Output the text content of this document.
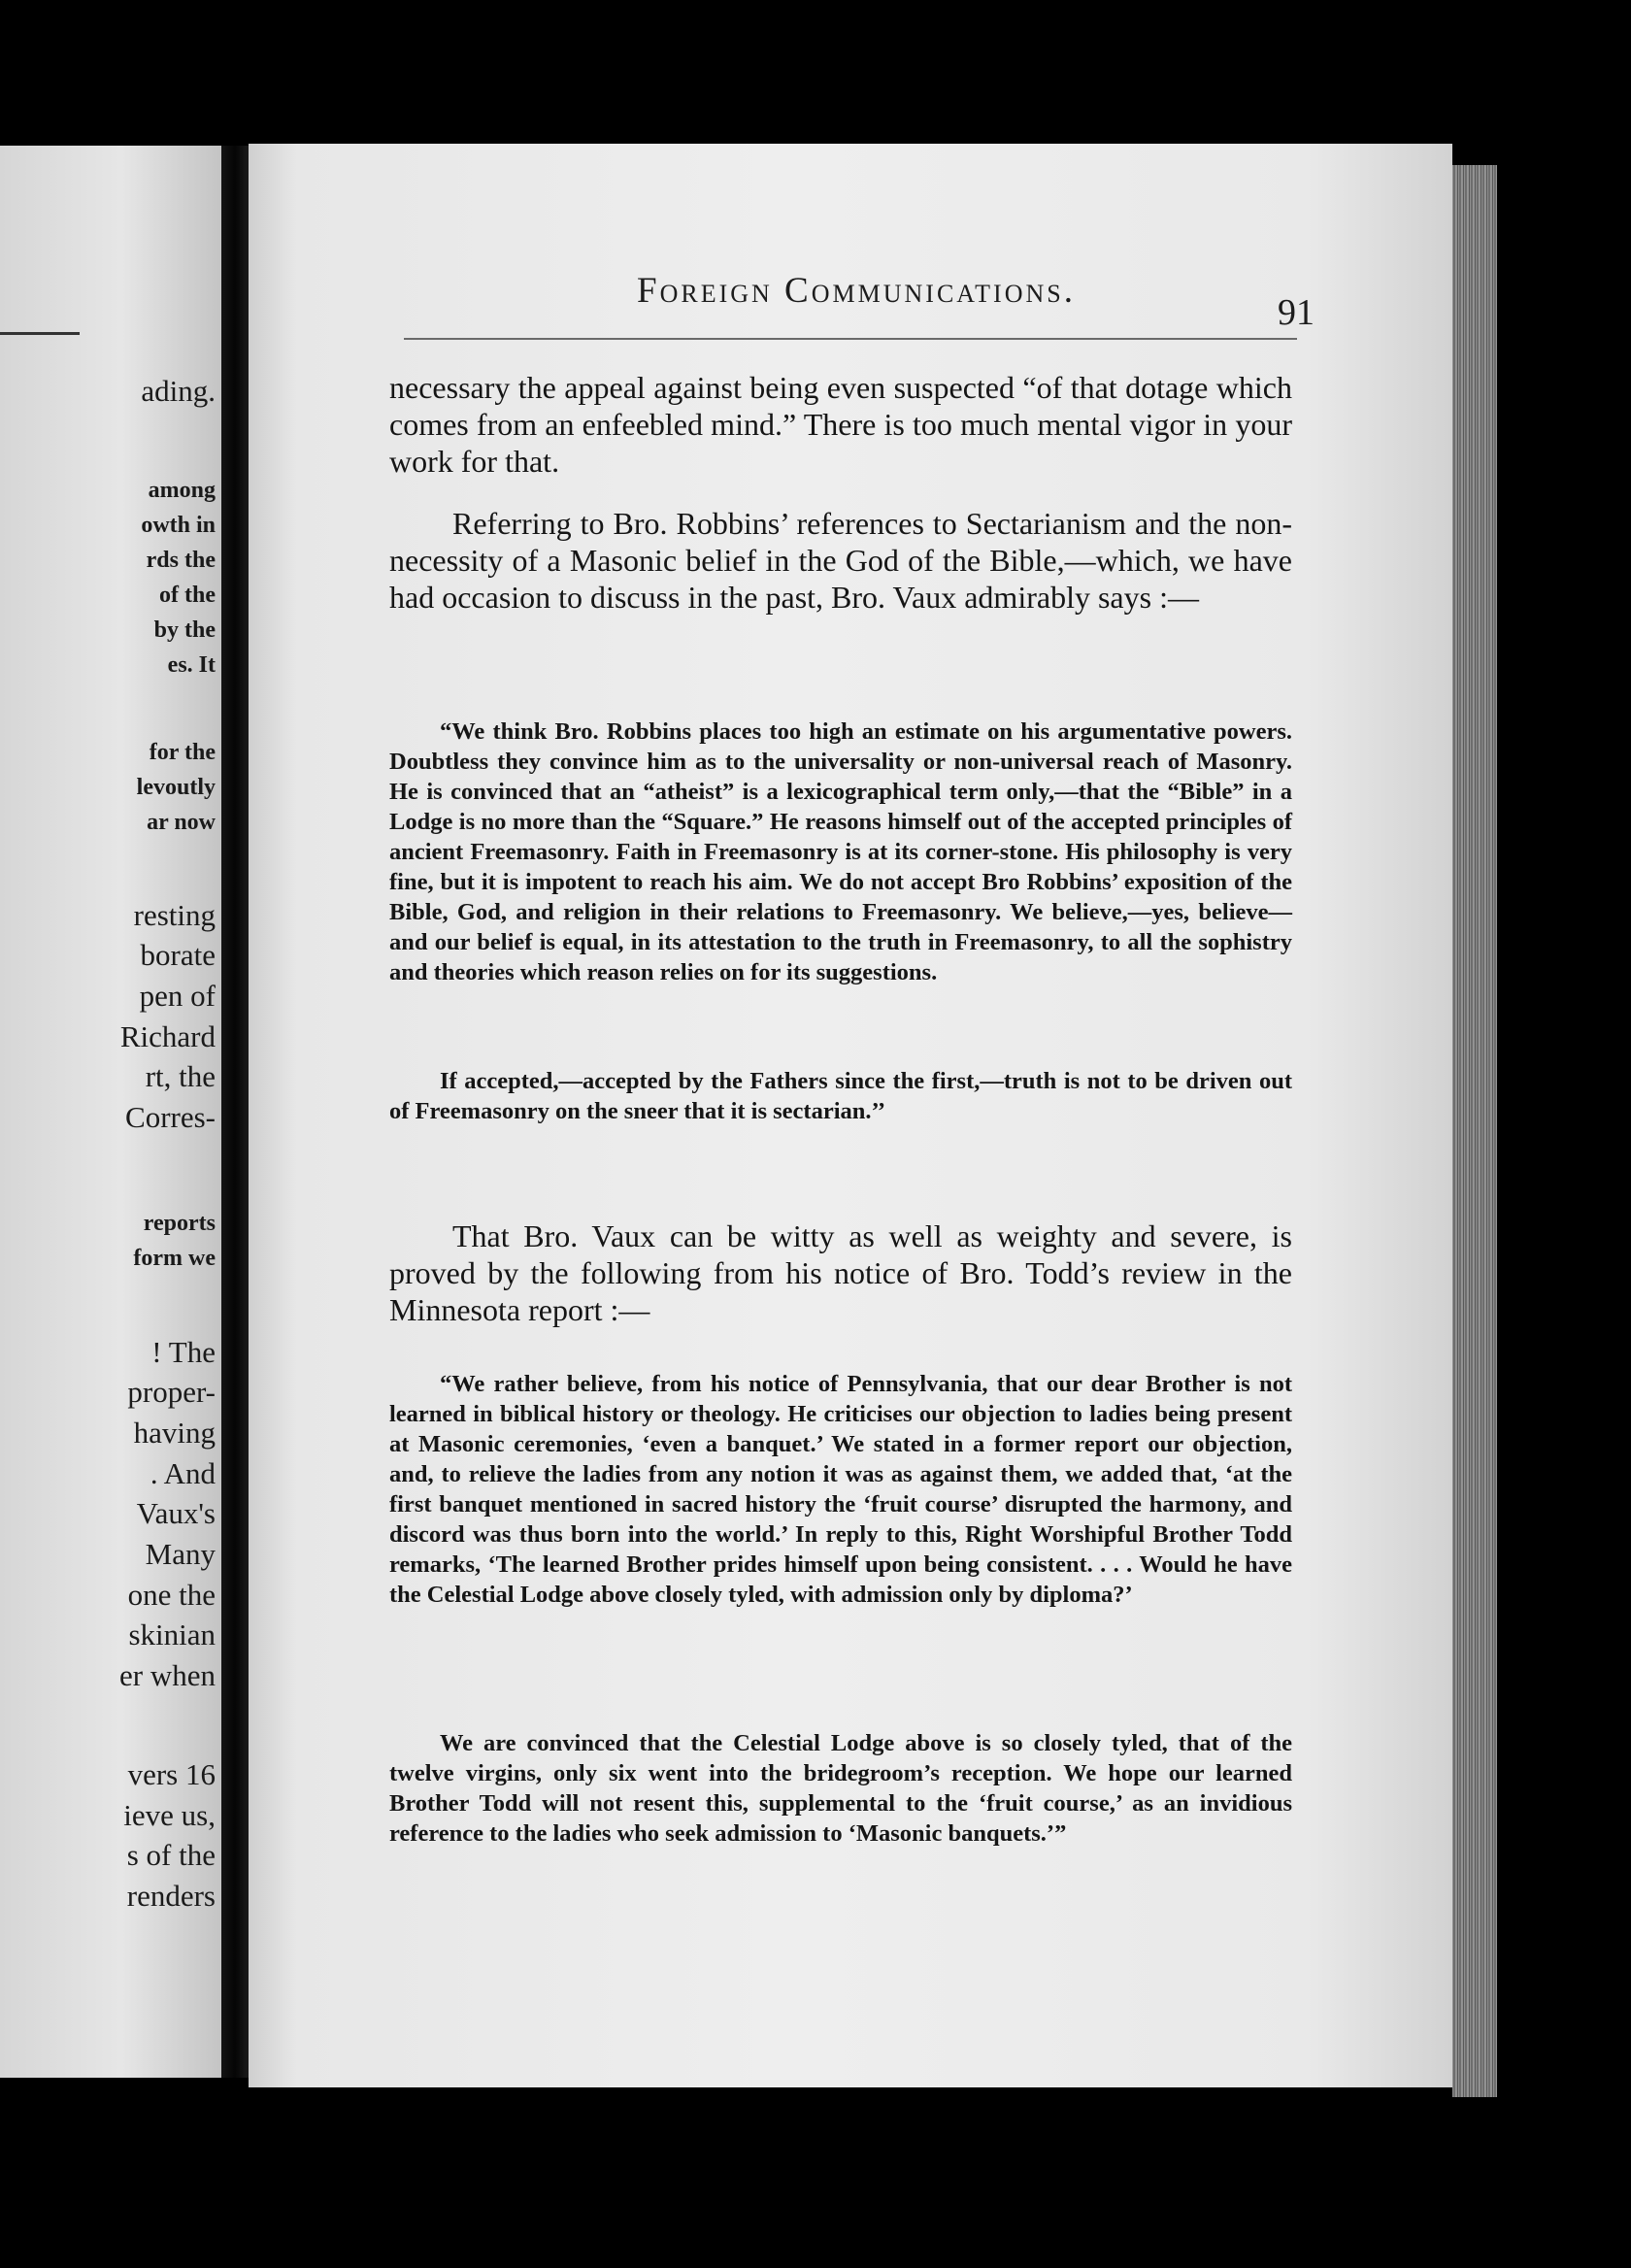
ading.
among
owth in
rds the
of the
by the
es. It
for the
levoutly
ar now
resting
borate
pen of
Richard
rt, the
Corres-
reports
form we
! The
proper-
having
. And
Vaux's
Many
one the
skinian
er when
vers 16
ieve us,
s of the
renders
Foreign Communications.
91

necessary the appeal against being even suspected “of that dotage which comes from an enfeebled mind.” There is too much mental vigor in your work for that.

Referring to Bro. Robbins’ references to Sectarianism and the non-necessity of a Masonic belief in the God of the Bible,—which, we have had occasion to discuss in the past, Bro. Vaux admirably says :—

“We think Bro. Robbins places too high an estimate on his argumentative powers. Doubtless they convince him as to the universality or non-universal reach of Masonry. He is convinced that an “atheist” is a lexicographical term only,—that the “Bible” in a Lodge is no more than the “Square.” He reasons himself out of the accepted principles of ancient Freemasonry. Faith in Freemasonry is at its corner-stone. His philosophy is very fine, but it is impotent to reach his aim. We do not accept Bro Robbins’ exposition of the Bible, God, and religion in their relations to Freemasonry. We believe,—yes, believe—and our belief is equal, in its attestation to the truth in Freemasonry, to all the sophistry and theories which reason relies on for its suggestions.

If accepted,—accepted by the Fathers since the first,—truth is not to be driven out of Freemasonry on the sneer that it is sectarian.’’

That Bro. Vaux can be witty as well as weighty and severe, is proved by the following from his notice of Bro. Todd’s review in the Minnesota report :—

“We rather believe, from his notice of Pennsylvania, that our dear Brother is not learned in biblical history or theology. He criticises our objection to ladies being present at Masonic ceremonies, ‘even a banquet.’ We stated in a former report our objection, and, to relieve the ladies from any notion it was as against them, we added that, ‘at the first banquet mentioned in sacred history the ‘fruit course’ disrupted the harmony, and discord was thus born into the world.’ In reply to this, Right Worshipful Brother Todd remarks, ‘The learned Brother prides himself upon being consistent. . . . Would he have the Celestial Lodge above closely tyled, with admission only by diploma?’

We are convinced that the Celestial Lodge above is so closely tyled, that of the twelve virgins, only six went into the bridegroom’s reception. We hope our learned Brother Todd will not resent this, supplemental to the ‘fruit course,’ as an invidious reference to the ladies who seek admission to ‘Masonic banquets.’”
